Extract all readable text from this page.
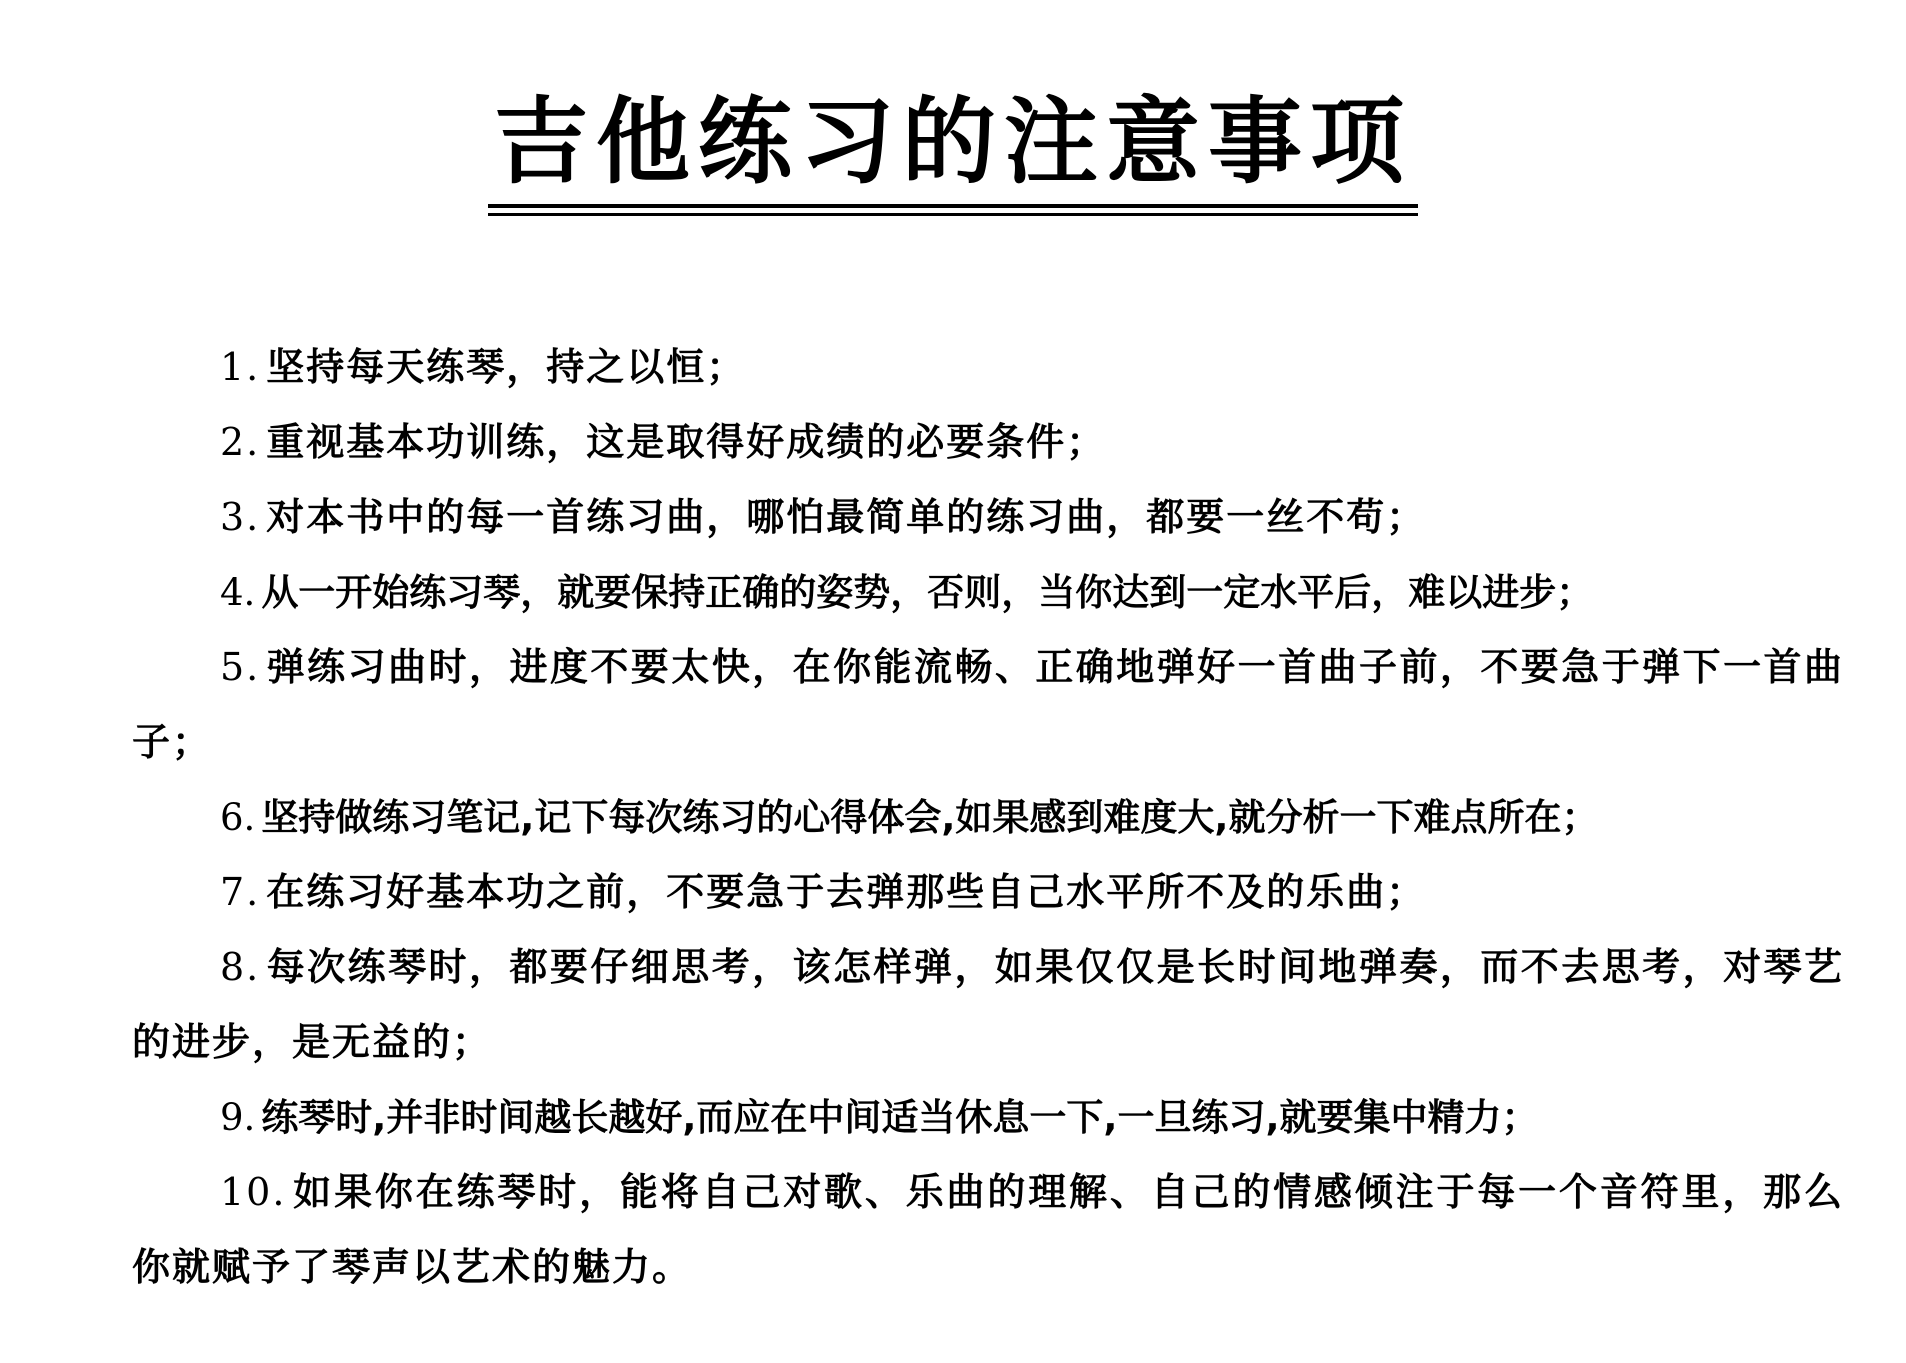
吉他练习的注意事项

1. 坚持每天练琴，持之以恒；

2. 重视基本功训练，这是取得好成绩的必要条件；

3. 对本书中的每一首练习曲，哪怕最简单的练习曲，都要一丝不苟；

4. 从一开始练习琴，就要保持正确的姿势，否则，当你达到一定水平后，难以进步；

5. 弹练习曲时，进度不要太快，在你能流畅、正确地弹好一首曲子前，不要急于弹下一首曲子；

6. 坚持做练习笔记,记下每次练习的心得体会,如果感到难度大,就分析一下难点所在；

7. 在练习好基本功之前，不要急于去弹那些自己水平所不及的乐曲；

8. 每次练琴时，都要仔细思考，该怎样弹，如果仅仅是长时间地弹奏，而不去思考，对琴艺的进步，是无益的；

9. 练琴时,并非时间越长越好,而应在中间适当休息一下,一旦练习,就要集中精力；

10. 如果你在练琴时，能将自己对歌、乐曲的理解、自己的情感倾注于每一个音符里，那么你就赋予了琴声以艺术的魅力。
